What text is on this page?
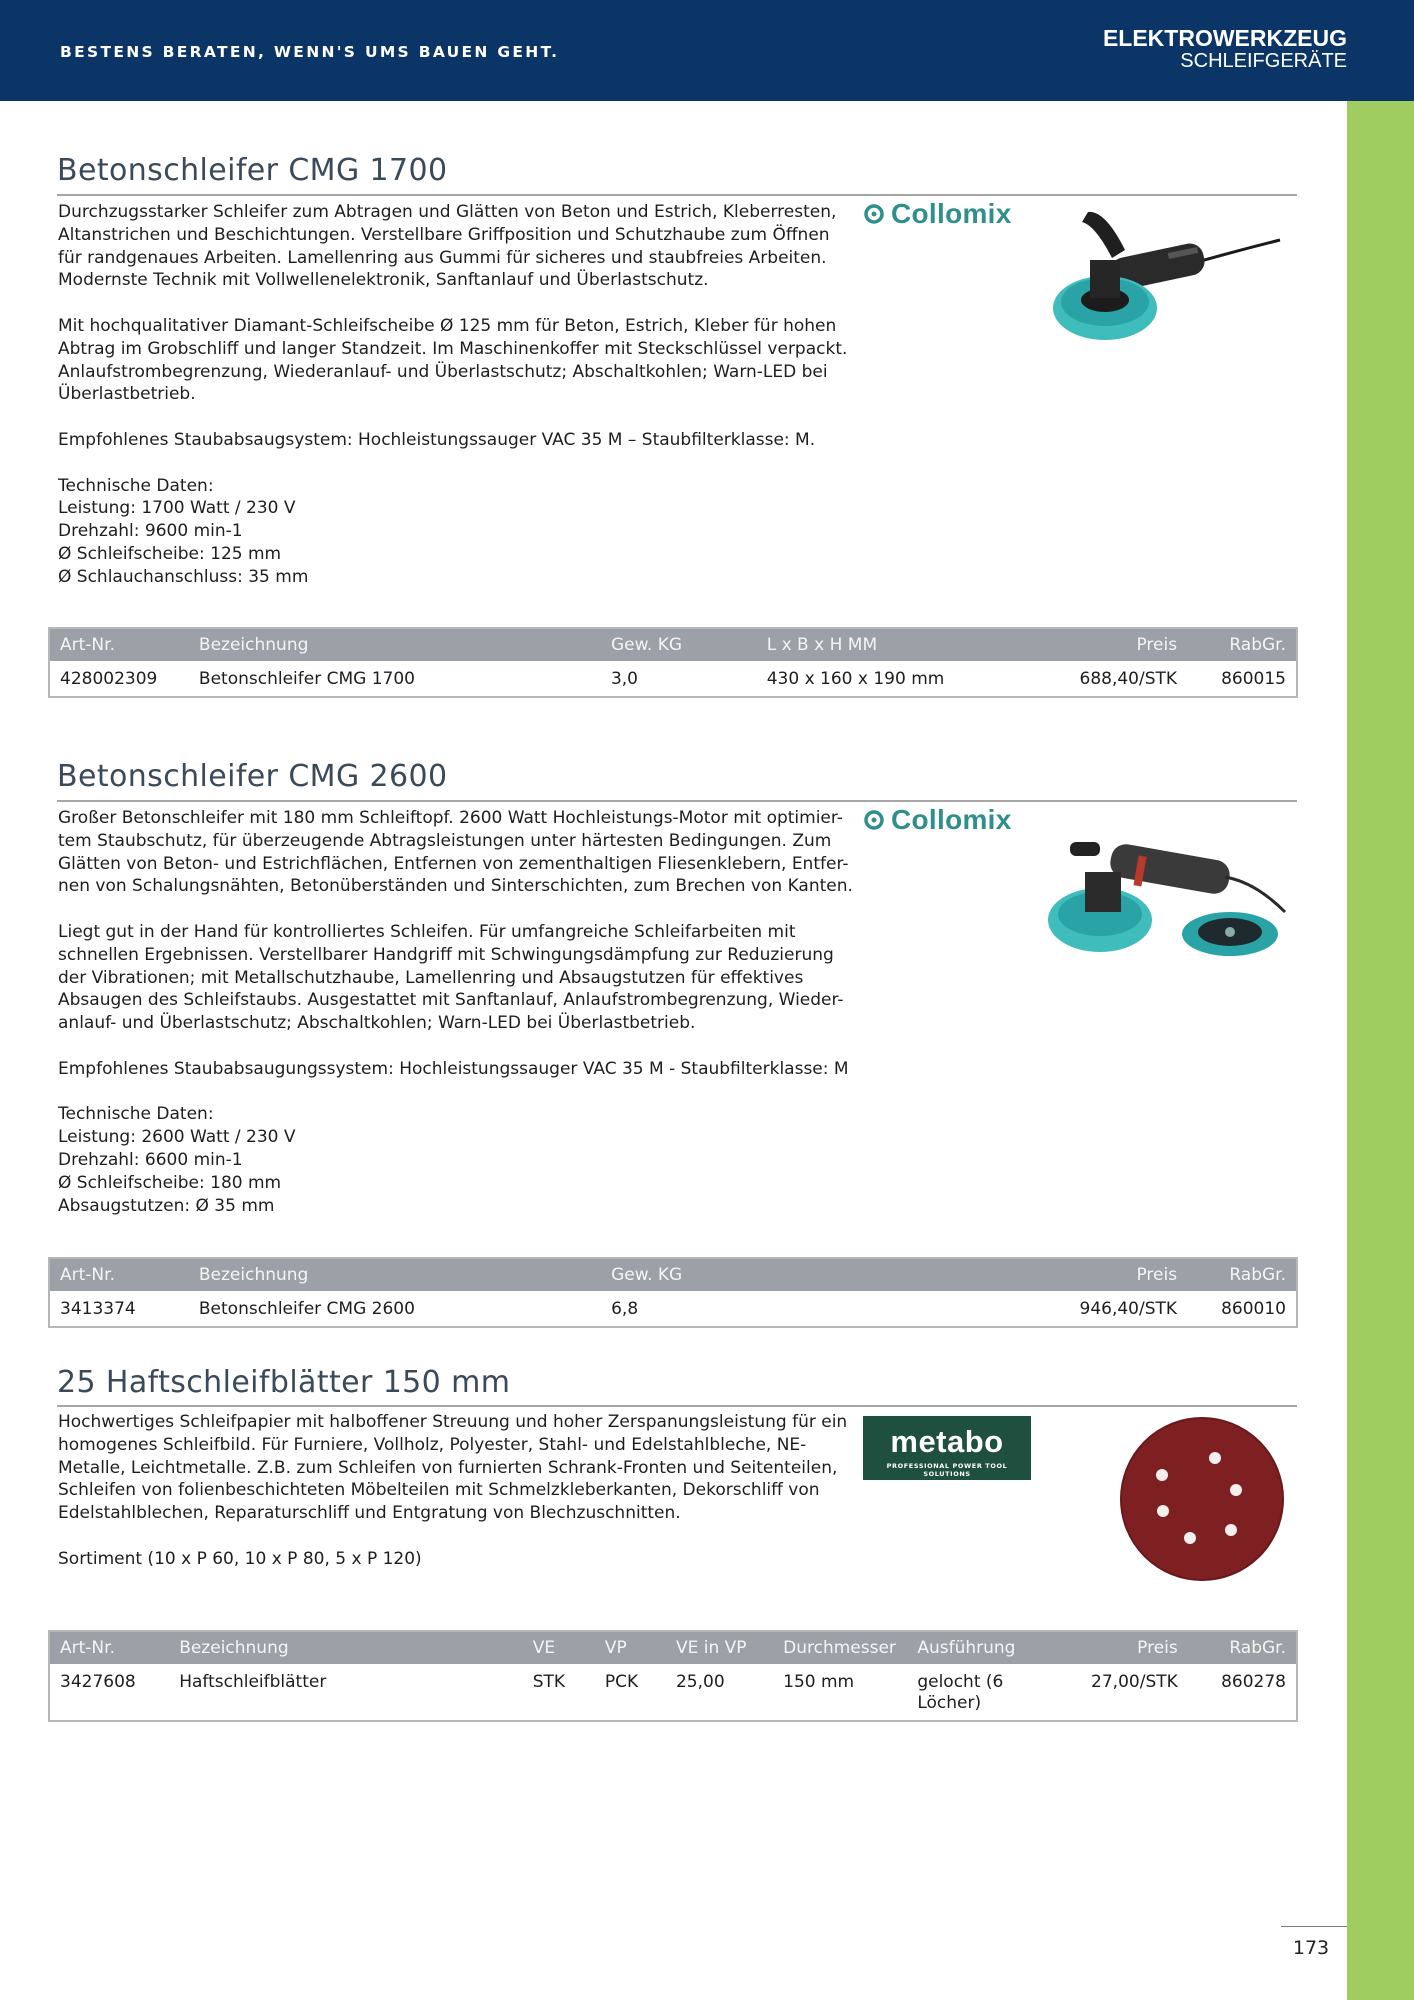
BESTENS BERATEN, WENN'S UMS BAUEN GEHT.
ELEKTROWERKZEUG
SCHLEIFGERÄTE
Betonschleifer CMG 1700

Durchzugsstarker Schleifer zum Abtragen und Glätten von Beton und Estrich, Kleberresten,
Altanstrichen und Beschichtungen. Verstellbare Griffposition und Schutzhaube zum Öffnen
für randgenaues Arbeiten. Lamellenring aus Gummi für sicheres und staubfreies Arbeiten.
Modernste Technik mit Vollwellenelektronik, Sanftanlauf und Überlastschutz.

Mit hochqualitativer Diamant-Schleifscheibe Ø 125 mm für Beton, Estrich, Kleber für hohen
Abtrag im Grobschliff und langer Standzeit. Im Maschinenkoffer mit Steckschlüssel verpackt.
Anlaufstrombegrenzung, Wiederanlauf- und Überlastschutz; Abschaltkohlen; Warn-LED bei
Überlastbetrieb.

Empfohlenes Staubabsaugsystem: Hochleistungssauger VAC 35 M – Staubfilterklasse: M.

Technische Daten:
Leistung: 1700 Watt / 230 V
Drehzahl: 9600 min-1
Ø Schleifscheibe: 125 mm
Ø Schlauchanschluss: 35 mm

Collomix
Art-Nr.	Bezeichnung	Gew. KG	L x B x H MM	Preis	RabGr.
428002309	Betonschleifer CMG 1700	3,0	430 x 160 x 190 mm	688,40/STK	860015
Betonschleifer CMG 2600

Großer Betonschleifer mit 180 mm Schleiftopf. 2600 Watt Hochleistungs-Motor mit optimier-
tem Staubschutz, für überzeugende Abtragsleistungen unter härtesten Bedingungen. Zum
Glätten von Beton- und Estrichflächen, Entfernen von zementhaltigen Fliesenklebern, Entfer-
nen von Schalungsnähten, Betonüberständen und Sinterschichten, zum Brechen von Kanten.

Liegt gut in der Hand für kontrolliertes Schleifen. Für umfangreiche Schleifarbeiten mit
schnellen Ergebnissen. Verstellbarer Handgriff mit Schwingungsdämpfung zur Reduzierung
der Vibrationen; mit Metallschutzhaube, Lamellenring und Absaugstutzen für effektives
Absaugen des Schleifstaubs. Ausgestattet mit Sanftanlauf, Anlaufstrombegrenzung, Wieder-
anlauf- und Überlastschutz; Abschaltkohlen; Warn-LED bei Überlastbetrieb.

Empfohlenes Staubabsaugungssystem: Hochleistungssauger VAC 35 M - Staubfilterklasse: M

Technische Daten:
Leistung: 2600 Watt / 230 V
Drehzahl: 6600 min-1
Ø Schleifscheibe: 180 mm
Absaugstutzen: Ø 35 mm

Collomix
Art-Nr.	Bezeichnung	Gew. KG		Preis	RabGr.
3413374	Betonschleifer CMG 2600	6,8		946,40/STK	860010
25 Haftschleifblätter 150 mm

Hochwertiges Schleifpapier mit halboffener Streuung und hoher Zerspanungsleistung für ein
homogenes Schleifbild. Für Furniere, Vollholz, Polyester, Stahl- und Edelstahlbleche, NE-
Metalle, Leichtmetalle. Z.B. zum Schleifen von furnierten Schrank-Fronten und Seitenteilen,
Schleifen von folienbeschichteten Möbelteilen mit Schmelzkleberkanten, Dekorschliff von
Edelstahlblechen, Reparaturschliff und Entgratung von Blechzuschnitten.

Sortiment (10 x P 60, 10 x P 80, 5 x P 120)

metabo
PROFESSIONAL POWER TOOL SOLUTIONS
Art-Nr.	Bezeichnung	VE	VP	VE in VP	Durchmesser	Ausführung	Preis	RabGr.
3427608	Haftschleifblätter	STK	PCK	25,00	150 mm	gelocht (6 Löcher)	27,00/STK	860278
173
